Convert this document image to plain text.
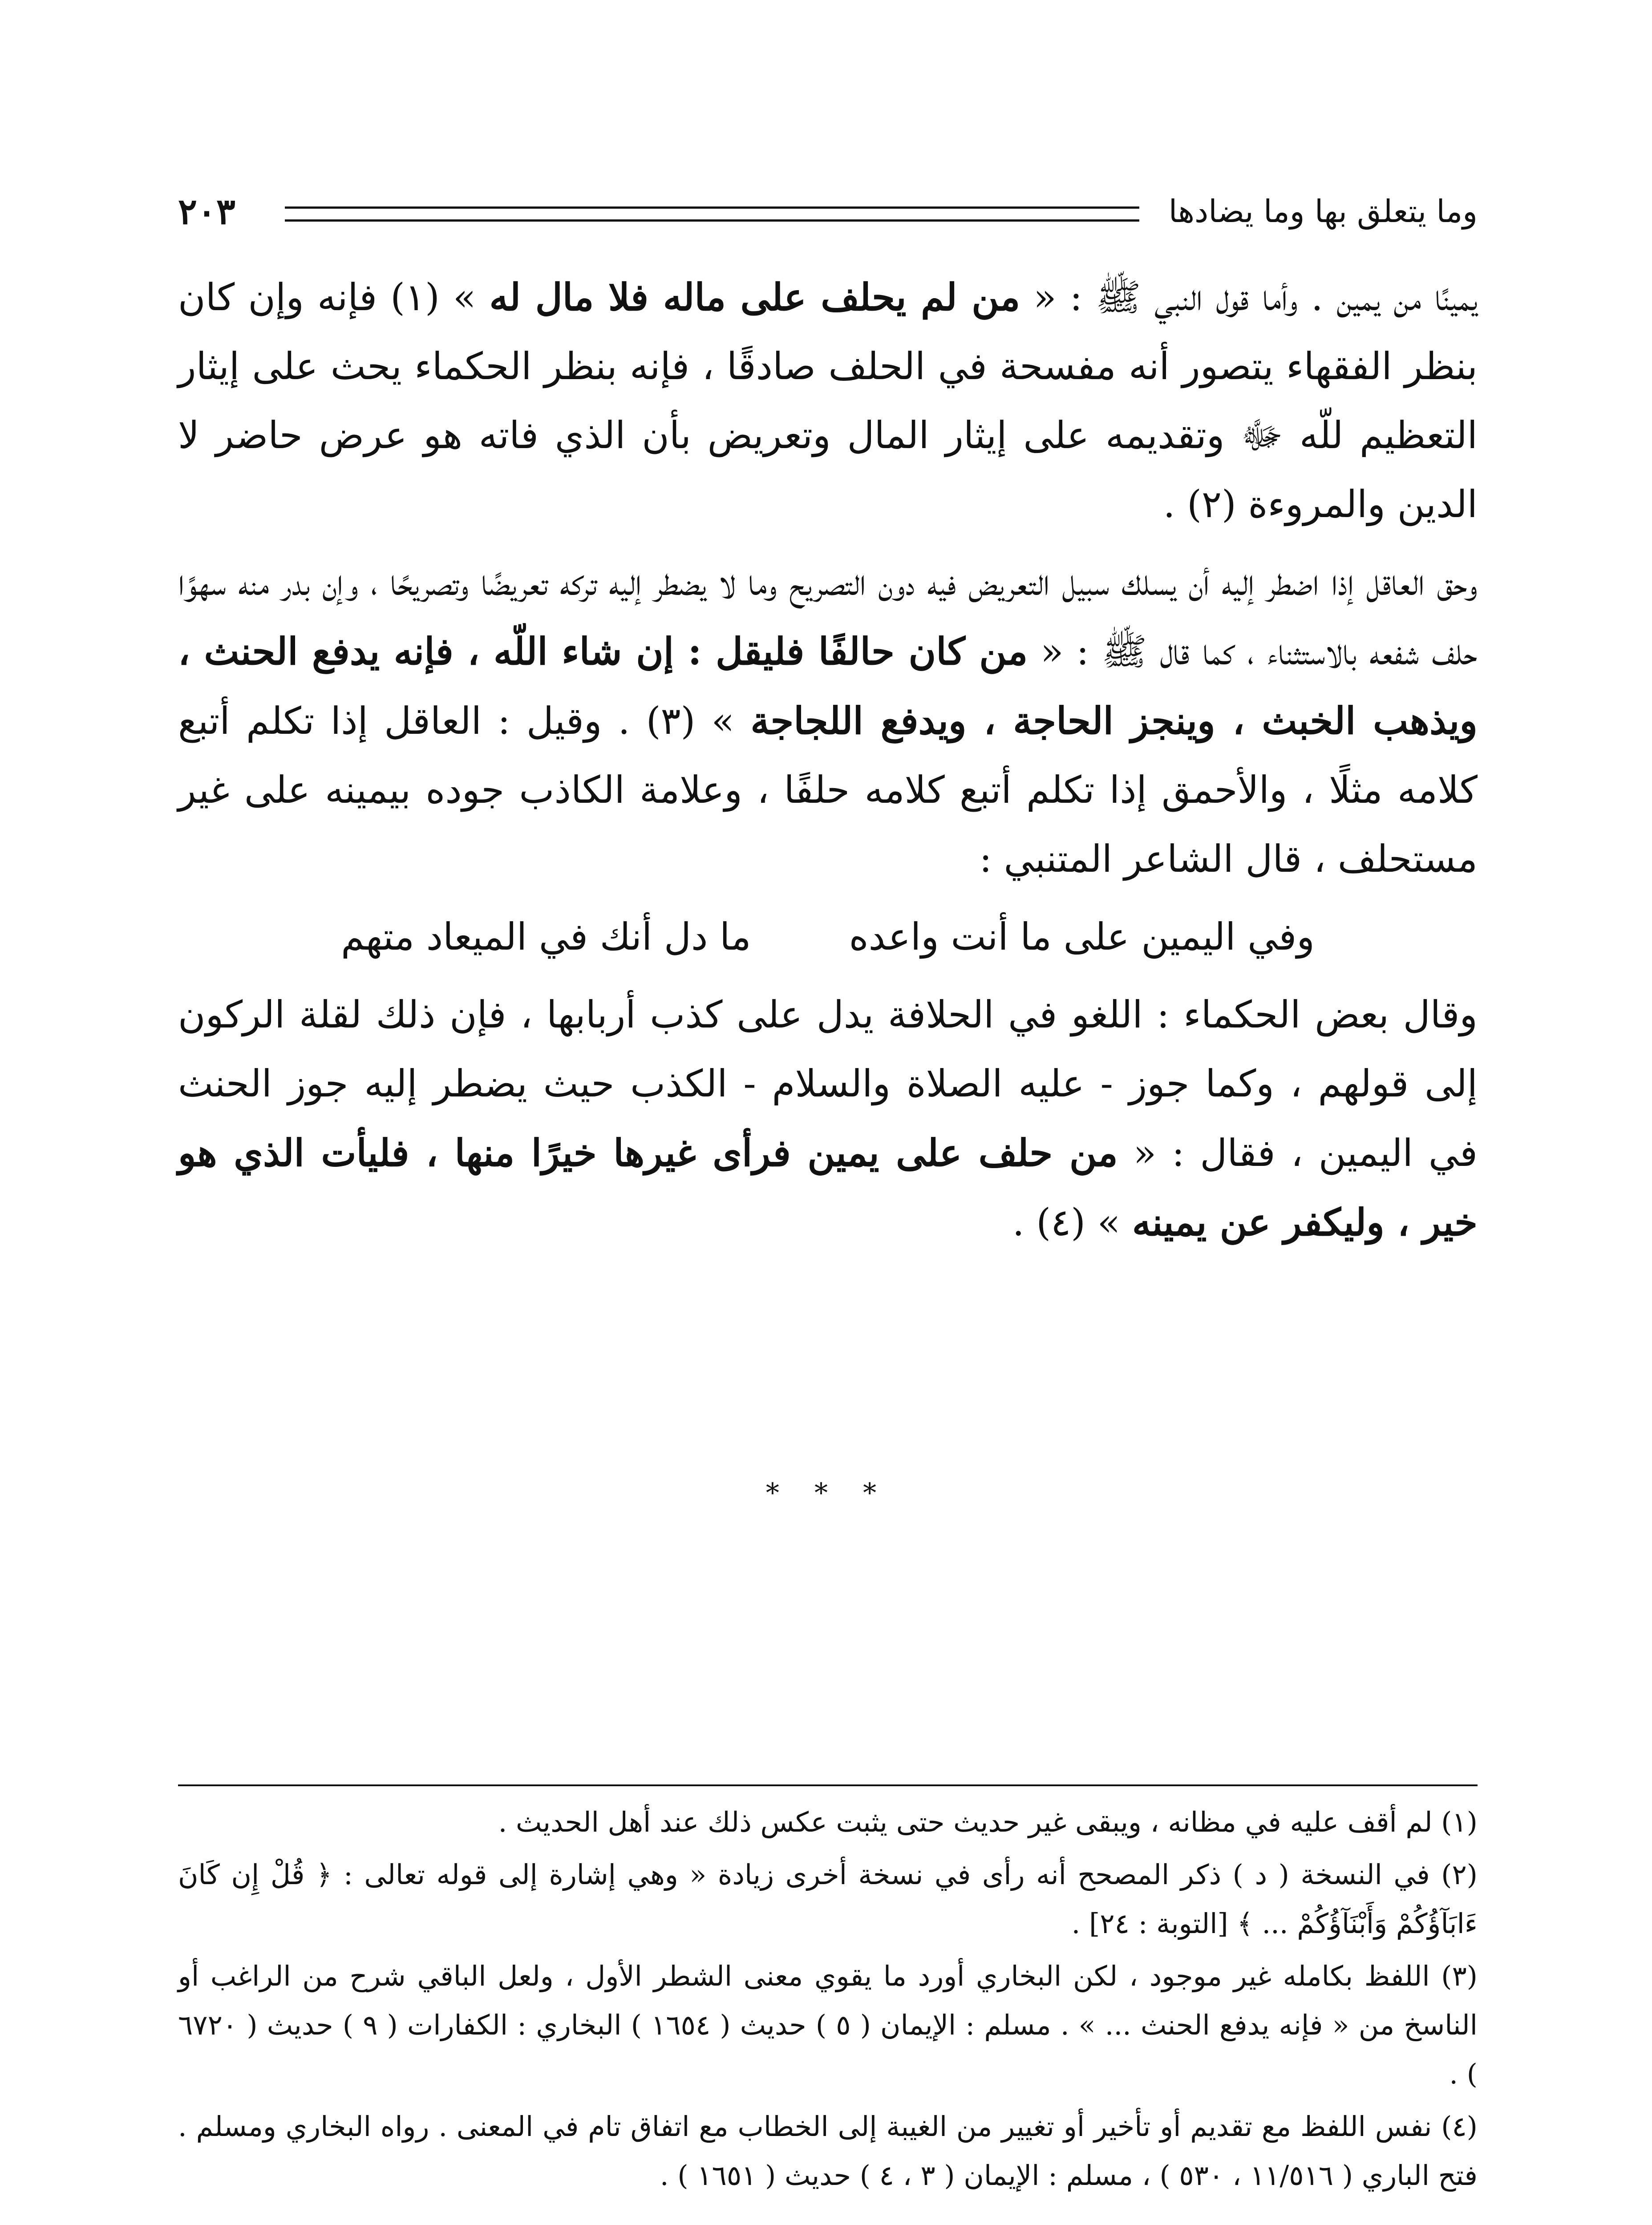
وما يتعلق بها وما يضادها
٢٠٣

يمينًا من يمين . وأما قول النبي ﷺ : « من لم يحلف على ماله فلا مال له » (١) فإنه وإن كان بنظر الفقهاء يتصور أنه مفسحة في الحلف صادقًا ، فإنه بنظر الحكماء يحث على إيثار التعظيم للّه ﷻ وتقديمه على إيثار المال وتعريض بأن الذي فاته هو عرض حاضر لا الدين والمروءة (٢) .

وحق العاقل إذا اضطر إليه أن يسلك سبيل التعريض فيه دون التصريح وما لا يضطر إليه تركه تعريضًا وتصريحًا ، وإن بدر منه سهوًا حلف شفعه بالاستثناء ، كما قال ﷺ : « من كان حالفًا فليقل : إن شاء اللّه ، فإنه يدفع الحنث ، ويذهب الخبث ، وينجز الحاجة ، ويدفع اللجاجة » (٣) . وقيل : العاقل إذا تكلم أتبع كلامه مثلًا ، والأحمق إذا تكلم أتبع كلامه حلفًا ، وعلامة الكاذب جوده بيمينه على غير مستحلف ، قال الشاعر المتنبي :

وفي اليمين على ما أنت واعده
ما دل أنك في الميعاد متهم

وقال بعض الحكماء : اللغو في الحلافة يدل على كذب أربابها ، فإن ذلك لقلة الركون إلى قولهم ، وكما جوز - عليه الصلاة والسلام - الكذب حيث يضطر إليه جوز الحنث في اليمين ، فقال : « من حلف على يمين فرأى غيرها خيرًا منها ، فليأت الذي هو خير ، وليكفر عن يمينه » (٤) .

* * *

(١) لم أقف عليه في مظانه ، ويبقى غير حديث حتى يثبت عكس ذلك عند أهل الحديث .

(٢) في النسخة ( د ) ذكر المصحح أنه رأى في نسخة أخرى زيادة « وهي إشارة إلى قوله تعالى : ﴿ قُلْ إِن كَانَ ءَابَآؤُكُمْ وَأَبْنَآؤُكُمْ ... ﴾ [التوبة : ٢٤] .

(٣) اللفظ بكامله غير موجود ، لكن البخاري أورد ما يقوي معنى الشطر الأول ، ولعل الباقي شرح من الراغب أو الناسخ من « فإنه يدفع الحنث ... » . مسلم : الإيمان ( ٥ ) حديث ( ١٦٥٤ ) البخاري : الكفارات ( ٩ ) حديث ( ٦٧٢٠ ) .

(٤) نفس اللفظ مع تقديم أو تأخير أو تغيير من الغيبة إلى الخطاب مع اتفاق تام في المعنى . رواه البخاري ومسلم . فتح الباري ( ١١/٥١٦ ، ٥٣٠ ) ، مسلم : الإيمان ( ٣ ، ٤ ) حديث ( ١٦٥١ ) .
